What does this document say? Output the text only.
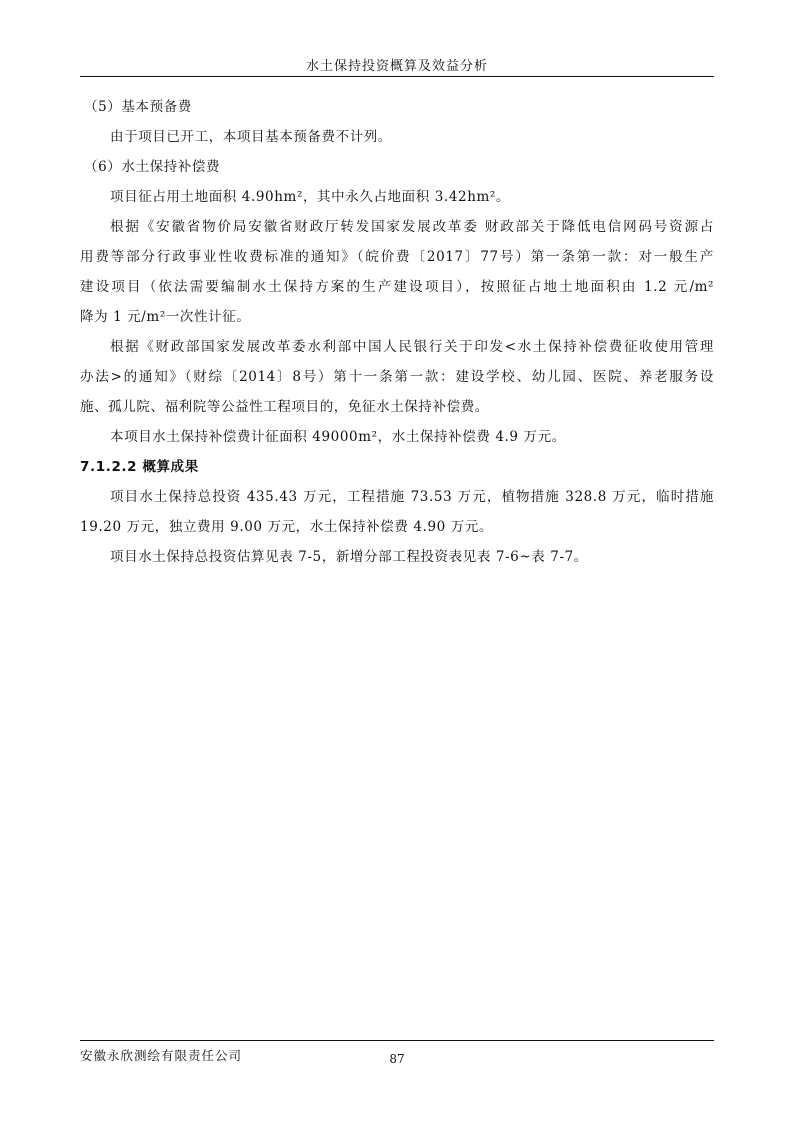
水土保持投资概算及效益分析
（5）基本预备费
由于项目已开工，本项目基本预备费不计列。
（6）水土保持补偿费
项目征占用土地面积 4.90hm²，其中永久占地面积 3.42hm²。
根据《安徽省物价局安徽省财政厅转发国家发展改革委 财政部关于降低电信网码号资源占
用费等部分行政事业性收费标准的通知》（皖价费〔2017〕77号）第一条第一款：对一般生产
建设项目（依法需要编制水土保持方案的生产建设项目），按照征占地土地面积由 1.2 元/m²
降为 1 元/m²一次性计征。
根据《财政部国家发展改革委水利部中国人民银行关于印发<水土保持补偿费征收使用管理
办法>的通知》（财综〔2014〕8号）第十一条第一款：建设学校、幼儿园、医院、养老服务设
施、孤儿院、福利院等公益性工程项目的，免征水土保持补偿费。
本项目水土保持补偿费计征面积 49000m²，水土保持补偿费 4.9 万元。
7.1.2.2 概算成果
项目水土保持总投资 435.43 万元，工程措施 73.53 万元，植物措施 328.8 万元，临时措施
19.20 万元，独立费用 9.00 万元，水土保持补偿费 4.90 万元。
项目水土保持总投资估算见表 7-5，新增分部工程投资表见表 7-6~表 7-7。
安徽永欣测绘有限责任公司	87
